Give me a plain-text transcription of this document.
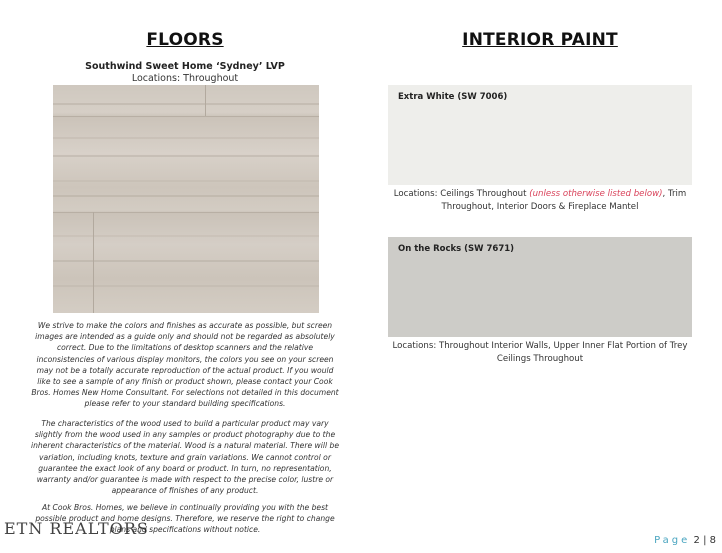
FLOORS
Southwind Sweet Home ‘Sydney’ LVP
Locations: Throughout
We strive to make the colors and finishes as accurate as possible, but screen images are intended as a guide only and should not be regarded as absolutely correct. Due to the limitations of desktop scanners and the relative inconsistencies of various display monitors, the colors you see on your screen may not be a totally accurate reproduction of the actual product. If you would like to see a sample of any finish or product shown, please contact your Cook Bros. Homes New Home Consultant. For selections not detailed in this document please refer to your standard building specifications.
The characteristics of the wood used to build a particular product may vary slightly from the wood used in any samples or product photography due to the inherent characteristics of the material. Wood is a natural material. There will be variation, including knots, texture and grain variations. We cannot control or guarantee the exact look of any board or product. In turn, no representation, warranty and/or guarantee is made with respect to the precise color, lustre or appearance of finishes of any product.
At Cook Bros. Homes, we believe in continually providing you with the best possible product and home designs. Therefore, we reserve the right to change plans and specifications without notice.
ETN REALTORS
INTERIOR PAINT
Extra White (SW 7006)
Locations: Ceilings Throughout (unless otherwise listed below), Trim Throughout, Interior Doors & Fireplace Mantel
On the Rocks (SW 7671)
Locations: Throughout Interior Walls, Upper Inner Flat Portion of Trey Ceilings Throughout
Page 2 | 8
